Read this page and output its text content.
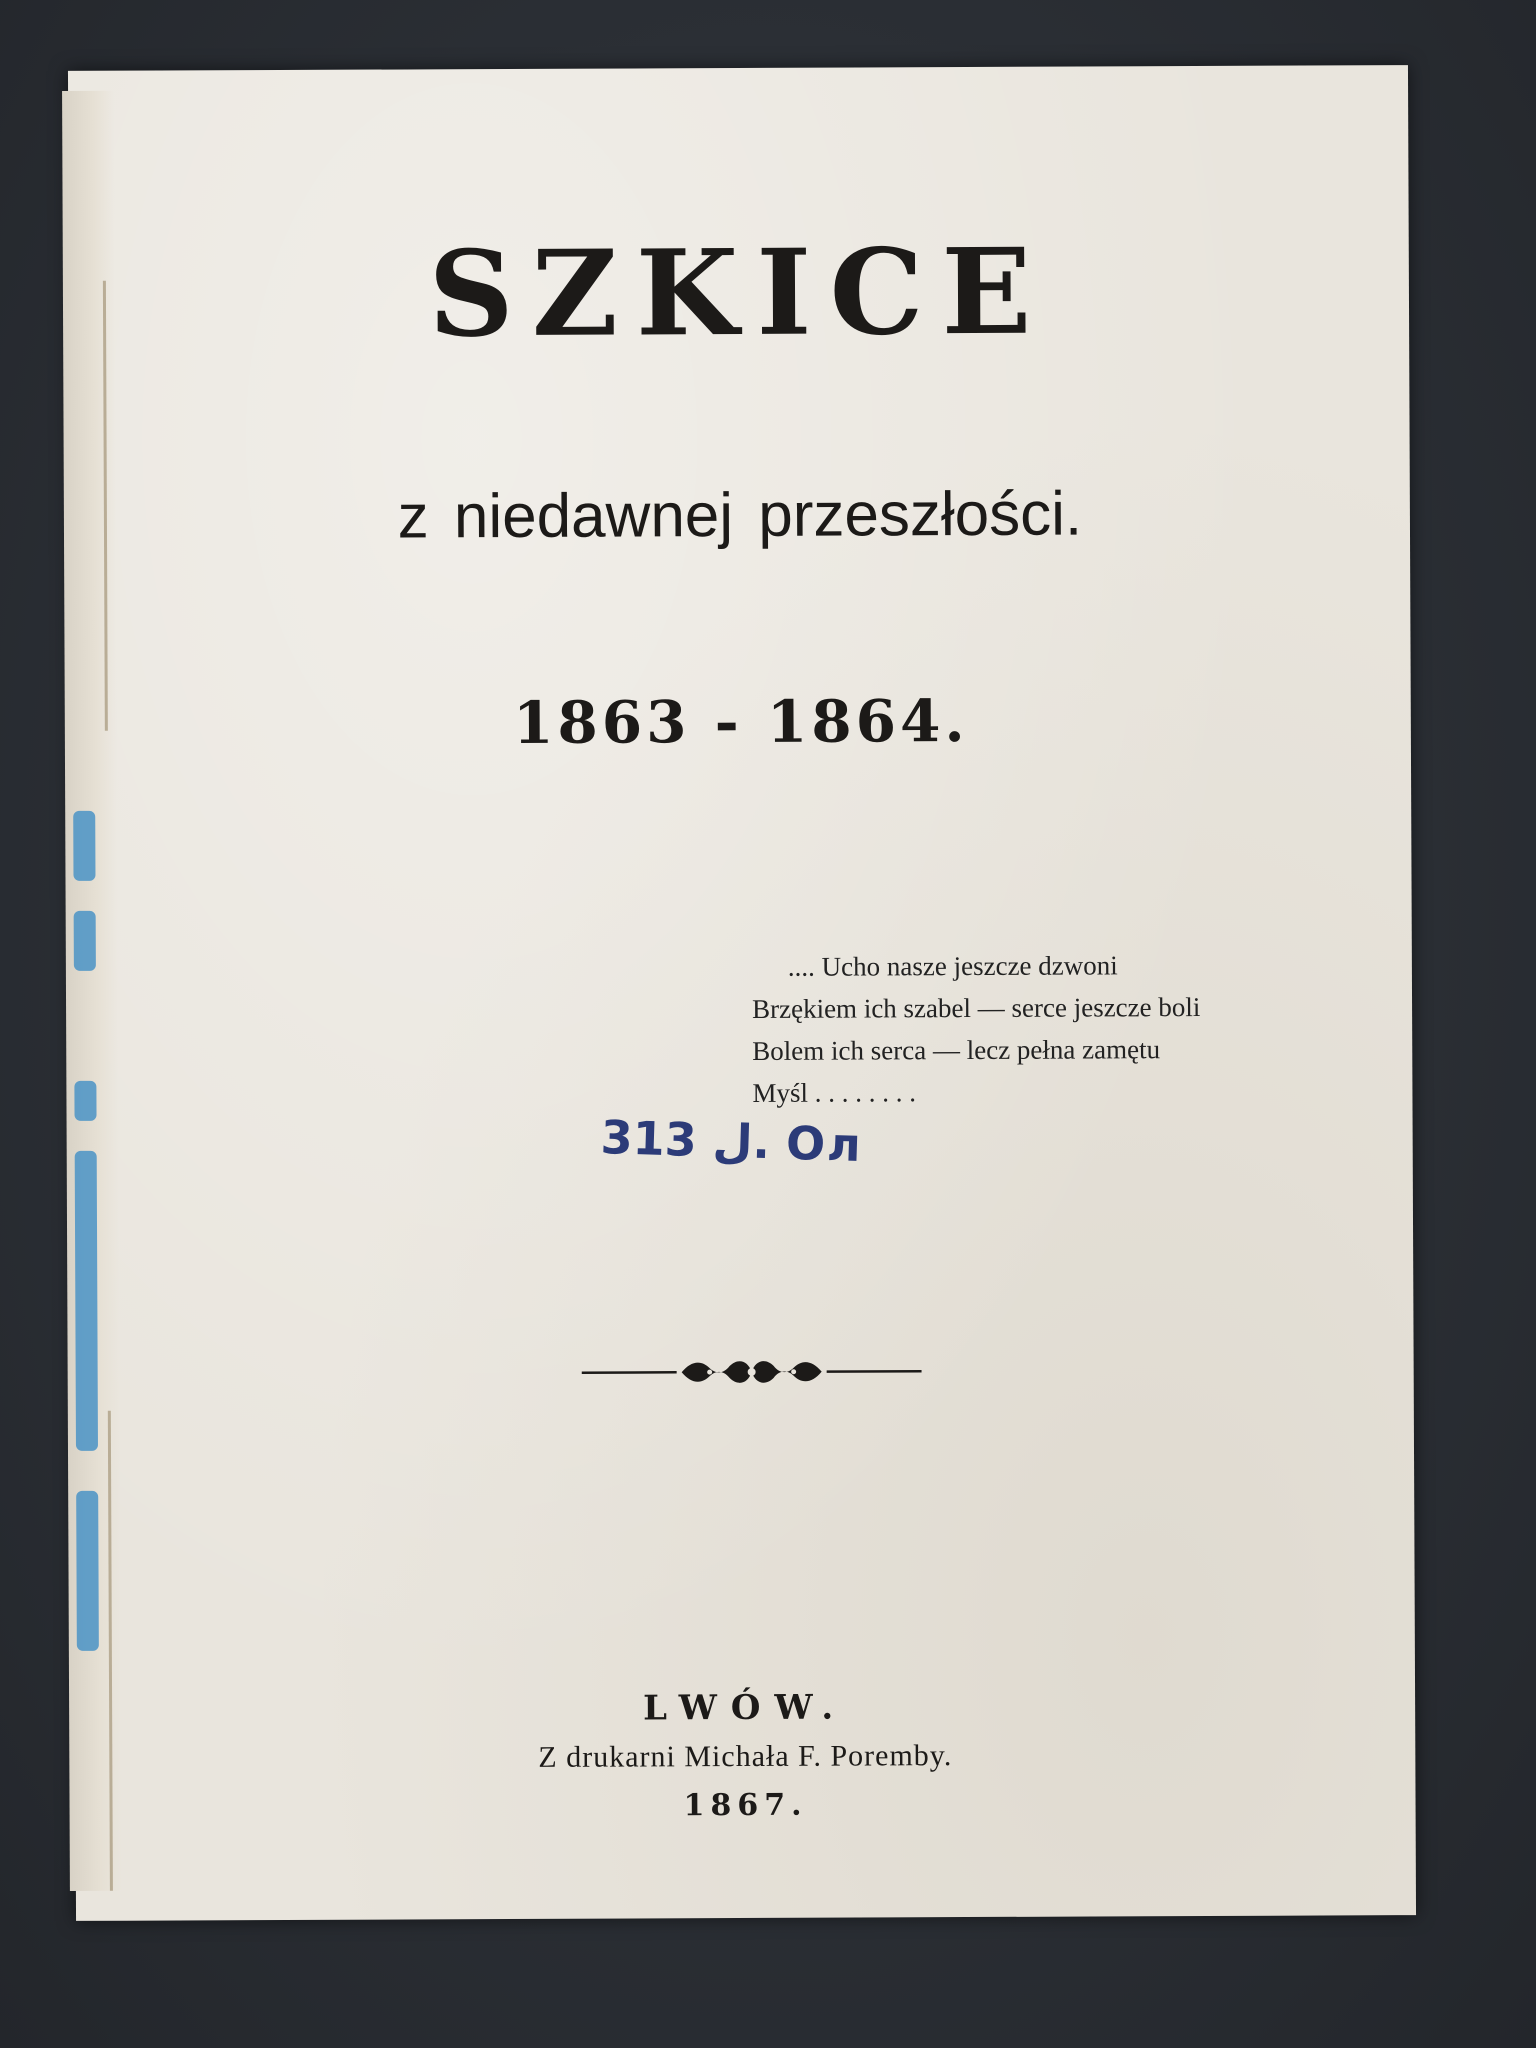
SZKICE
z niedawnej przeszłości.
1863 - 1864.
.... Ucho nasze jeszcze dzwoni
Brzękiem ich szabel — serce jeszcze boli
Bolem ich serca — lecz pełna zamętu
Myśl . . . . . . . .
ل 313. Ол
LWÓW.
Z drukarni Michała F. Poremby.
1867.
